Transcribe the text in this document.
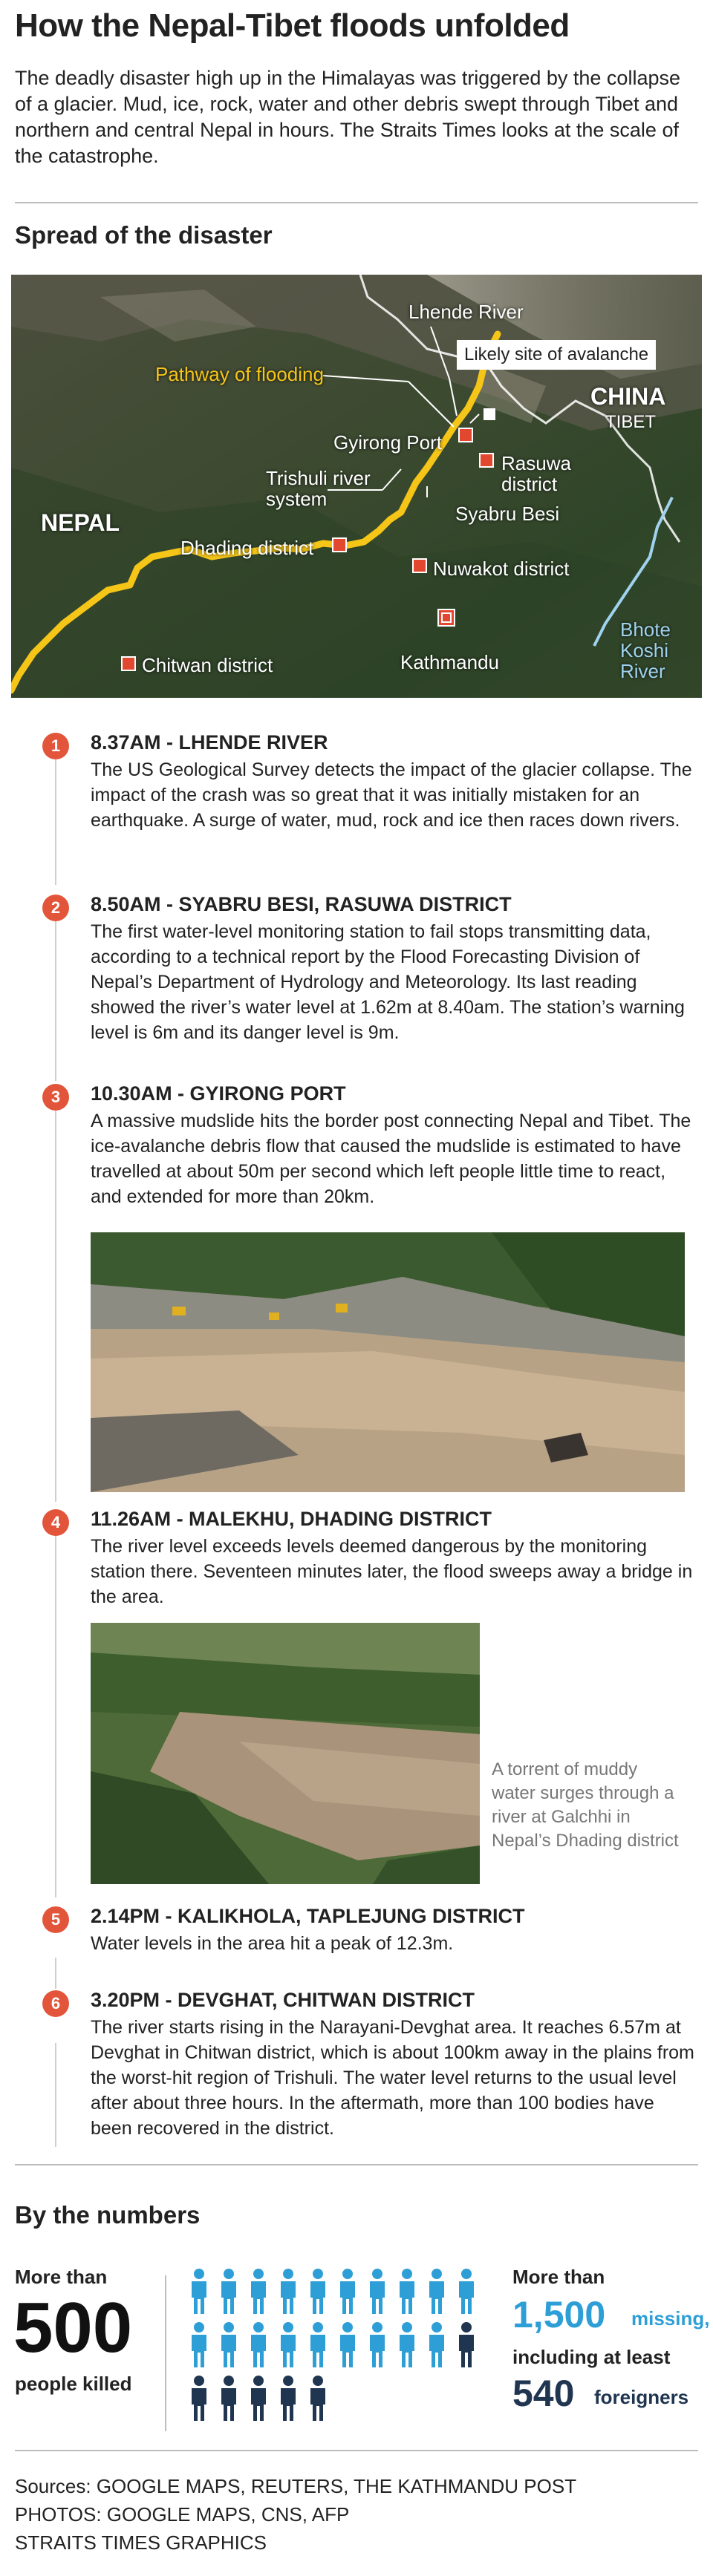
How the Nepal-Tibet floods unfolded
The deadly disaster high up in the Himalayas was triggered by the collapse of a glacier. Mud, ice, rock, water and other debris swept through Tibet and northern and central Nepal in hours. The Straits Times looks at the scale of the catastrophe.
Spread of the disaster
Lhende River
Pathway of flooding
Likely site of avalanche
CHINA
TIBET
Gyirong Port
Rasuwa
district
Trishuli river
system
NEPAL	Syabru Besi
Dhading district
Nuwakot district
Bhote
Koshi
River
Chitwan district	Kathmandu
1	8.37AM - LHENDE RIVER
The US Geological Survey detects the impact of the glacier collapse. The impact of the crash was so great that it was initially mistaken for an earthquake. A surge of water, mud, rock and ice then races down rivers.
2	8.50AM - SYABRU BESI, RASUWA DISTRICT
The first water-level monitoring station to fail stops transmitting data, according to a technical report by the Flood Forecasting Division of Nepal’s Department of Hydrology and Meteorology. Its last reading showed the river’s water level at 1.62m at 8.40am. The station’s warning level is 6m and its danger level is 9m.
3	10.30AM - GYIRONG PORT
A massive mudslide hits the border post connecting Nepal and Tibet. The ice-avalanche debris flow that caused the mudslide is estimated to have travelled at about 50m per second which left people little time to react, and extended for more than 20km.
4	11.26AM - MALEKHU, DHADING DISTRICT
The river level exceeds levels deemed dangerous by the monitoring station there. Seventeen minutes later, the flood sweeps away a bridge in the area.
A torrent of muddy water surges through a river at Galchhi in Nepal’s Dhading district
5	2.14PM - KALIKHOLA, TAPLEJUNG DISTRICT
Water levels in the area hit a peak of 12.3m.
6	3.20PM - DEVGHAT, CHITWAN DISTRICT
The river starts rising in the Narayani-Devghat area. It reaches 6.57m at Devghat in Chitwan district, which is about 100km away in the plains from the worst-hit region of Trishuli. The water level returns to the usual level after about three hours. In the aftermath, more than 100 bodies have been recovered in the district.
By the numbers
More than
500
people killed
More than
1,500 missing,
including at least
540 foreigners
Sources: GOOGLE MAPS, REUTERS, THE KATHMANDU POST
PHOTOS: GOOGLE MAPS, CNS, AFP
STRAITS TIMES GRAPHICS
